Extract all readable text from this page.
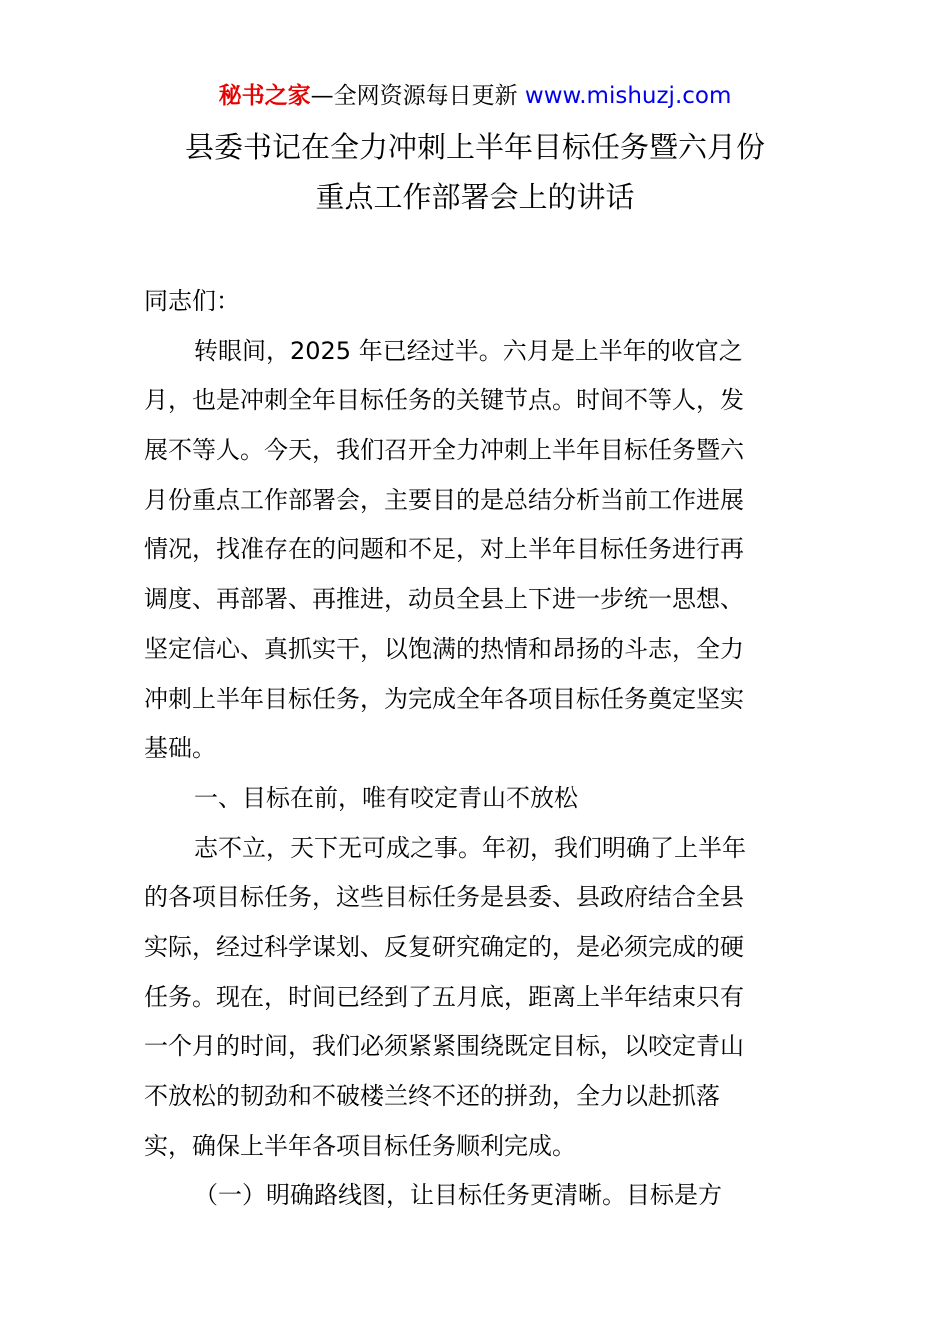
秘书之家—全网资源每日更新 www.mishuzj.com
县委书记在全力冲刺上半年目标任务暨六月份
重点工作部署会上的讲话
同志们：
转眼间，2025 年已经过半。六月是上半年的收官之
月，也是冲刺全年目标任务的关键节点。时间不等人，发
展不等人。今天，我们召开全力冲刺上半年目标任务暨六
月份重点工作部署会，主要目的是总结分析当前工作进展
情况，找准存在的问题和不足，对上半年目标任务进行再
调度、再部署、再推进，动员全县上下进一步统一思想、
坚定信心、真抓实干，以饱满的热情和昂扬的斗志，全力
冲刺上半年目标任务，为完成全年各项目标任务奠定坚实
基础。
一、目标在前，唯有咬定青山不放松
志不立，天下无可成之事。年初，我们明确了上半年
的各项目标任务，这些目标任务是县委、县政府结合全县
实际，经过科学谋划、反复研究确定的，是必须完成的硬
任务。现在，时间已经到了五月底，距离上半年结束只有
一个月的时间，我们必须紧紧围绕既定目标，以咬定青山
不放松的韧劲和不破楼兰终不还的拼劲，全力以赴抓落
实，确保上半年各项目标任务顺利完成。
（一）明确路线图，让目标任务更清晰。目标是方
